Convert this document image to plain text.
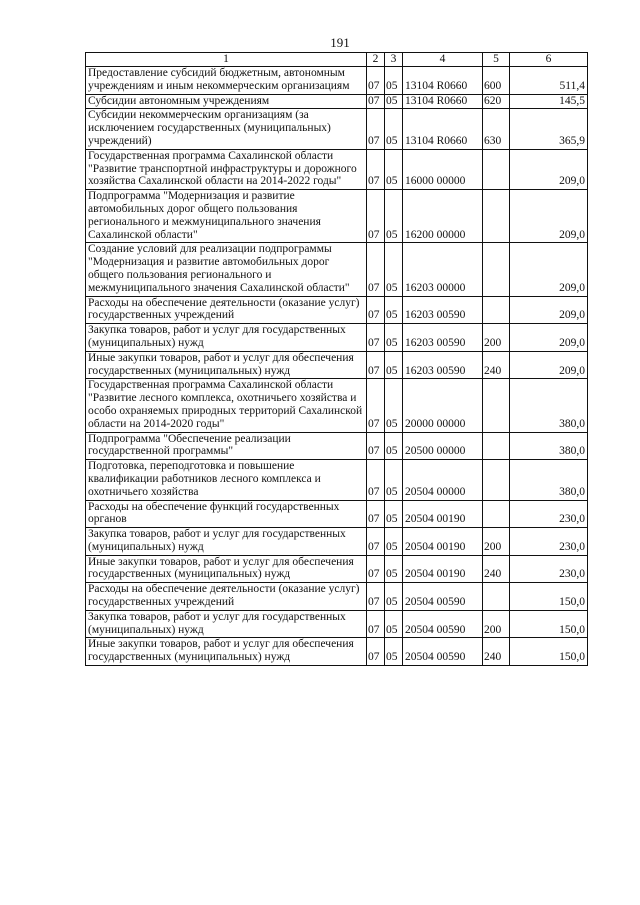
191
1	2	3	4	5	6
Предоставление субсидий бюджетным, автономным учреждениям и иным некоммерческим организациям	07	05	13104 R0660	600	511,4
Субсидии автономным учреждениям	07	05	13104 R0660	620	145,5
Субсидии некоммерческим организациям (за исключением государственных (муниципальных) учреждений)	07	05	13104 R0660	630	365,9
Государственная программа Сахалинской области "Развитие транспортной инфраструктуры и дорожного хозяйства Сахалинской области на 2014-2022 годы"	07	05	16000 00000		209,0
Подпрограмма "Модернизация и развитие автомобильных дорог общего пользования регионального и межмуниципального значения Сахалинской области"	07	05	16200 00000		209,0
Создание условий для реализации подпрограммы "Модернизация и развитие автомобильных дорог общего пользования регионального и межмуниципального значения Сахалинской области"	07	05	16203 00000		209,0
Расходы на обеспечение деятельности (оказание услуг) государственных учреждений	07	05	16203 00590		209,0
Закупка товаров, работ и услуг для государственных (муниципальных) нужд	07	05	16203 00590	200	209,0
Иные закупки товаров, работ и услуг для обеспечения государственных (муниципальных) нужд	07	05	16203 00590	240	209,0
Государственная программа Сахалинской области "Развитие лесного комплекса, охотничьего хозяйства и особо охраняемых природных территорий Сахалинской области на 2014-2020 годы"	07	05	20000 00000		380,0
Подпрограмма "Обеспечение реализации государственной программы"	07	05	20500 00000		380,0
Подготовка, переподготовка и повышение квалификации работников лесного комплекса и охотничьего хозяйства	07	05	20504 00000		380,0
Расходы на обеспечение функций государственных органов	07	05	20504 00190		230,0
Закупка товаров, работ и услуг для государственных (муниципальных) нужд	07	05	20504 00190	200	230,0
Иные закупки товаров, работ и услуг для обеспечения государственных (муниципальных) нужд	07	05	20504 00190	240	230,0
Расходы на обеспечение деятельности (оказание услуг) государственных учреждений	07	05	20504 00590		150,0
Закупка товаров, работ и услуг для государственных (муниципальных) нужд	07	05	20504 00590	200	150,0
Иные закупки товаров, работ и услуг для обеспечения государственных (муниципальных) нужд	07	05	20504 00590	240	150,0
